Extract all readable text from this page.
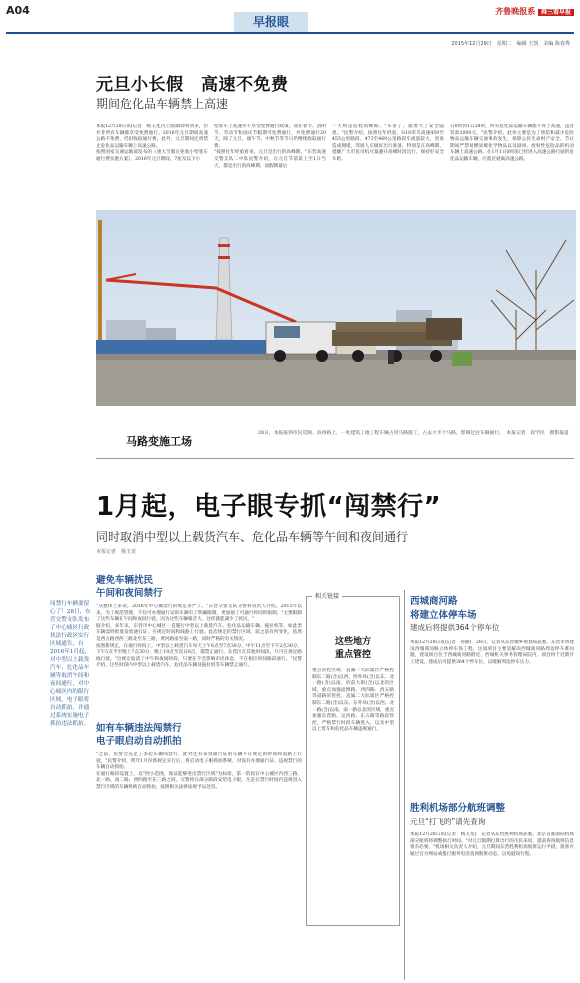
A04
早报眼
齐鲁晚报系 舜三看早报
2015年12月29日　星期二　编辑 王凯　美编 陈春秀
元旦小长假　高速不免费
期间危化品车辆禁上高速
本报12月28日讯(记者　杨玉龙)元旦假期即将到来，但并非所有车辆都享受免费通行。2016年元旦期间高速公路不免费，仍旧收取通行费。此外，元旦期间还将禁止危化品运输车辆上高速公路。
按照国家交通运输部发布的《重大节假日免收小型客车通行费实施方案》，2016年元旦期间，7座及以下小
型客车上高速并不享受免费通行政策。而在春节、清明节、劳动节和国庆节假期可免费通行，共免费通行20天。除了元旦、端午节、中秋节等节日仍继续收取通行费。
"按照往年经验看来，元旦是出行的高峰期。"东营高速交警支队二中队民警介绍，在元旦节前第上至1日当天，都是出行的高峰期，而假期最后
一天则是返程高峰期。"车多了，就增大了安全隐患。"民警介绍，按照往年经验，G18荣乌高速459至455公里路段、473至469公里路段车流量较大，容易造成拥堵，驾驶人应做好出行准备，特别是在高峰期，提醒广大市民司机尽量避开高峰时段出行，保持好安全车距。
日0时到1日24时，所有危化品运输车辆都不得上高速，违者罚款2000元。"民警介绍，此举主要是为了预防和减少危险物品运输车辆交通事故发生，保障公民生命财产安全，节日期间严禁易燃易爆化学物品以及剧毒、放射性危险品的机动车辆上高速公路。在1月1日0时前已经进入高速公路行驶的危化品运输车辆，应就近驶离高速公路。
马路变施工场
28日，本报报到市民反映，滨州路上，一处建筑工地工程车辆占用马路施工，占去大半个马路，影响过往车辆通行。　本报记者　段学民　摄影报道
1月起，电子眼专抓“闯禁行”
同时取消中型以上载货汽车、危化品车辆等午间和夜间通行
本报记者　杨玉龙
闯禁行车辆要留心了！28日，东营交警支队发布了中心城区行政执法行政区实行区域通告。自2016年1月起，对中型以上载货汽车、危化品车辆等取消午间和夜间通行，对中心城区内的限行区域，电子眼将自动抓拍，并通过系统实施电子抓拍违法抓拍。
避免车辆扰民
午间和夜间禁行
"从整体上来说，2016年中心城禁行的规定多严了。"东营交警支队交警科负责人介绍，2015年以来，为了规范管理，不仅可办理通行证的车辆有了明确限制，更加强了可通行时间的限制。"主要限制了这些车辆在午间和夜间行驶，因为这些车辆噪音大，这样就能减少了扰民。"
据介绍，多年来，东营市中心城区一直施行中型以上载货汽车、危化品运输车辆、拖拉机等，如此类车辆需经批准发放通行证，在规定时间和线路上行驶。此次规定的禁行区域，较之前有所变化，依然是西五路西西三路北至东三路，黄河路南至南一路，同时严格的有关情况。
按照新规定，在通行时间上，中型以上载货汽车每天上午6点至7点30分、中午11点至下午2点30分、下午5点半至晚上7点30分、晚上10点至次日6点，都禁止通行。东营区在其他时间段，只可在规定路线行驶。"这规定取消了中午和夜间时段，只要在不会影响市民休息，不在相应时间路段通行。"民警介绍，这些时段内中型以上载货汽车、危化品车辆及拖拉机等车辆禁止通行。
如有车辆违法闯禁行
电子眼启动自动抓拍
"之前，民警会充足了多起车辆闯禁行，此外还有拿到通行证的车辆不在规定的时间和道路上行驶。"民警介绍，明年1月份新规定实行后，将启动电子眼抓拍系统，对没有办理通行证、违规禁行的车辆自动抓拍。
在通行路段设置上，以"西小范围，保证能够进出禁行区域"为标准，第一阶段在中心城区内西三路、北一路、南二路、西四路至东三路之间，交警将在部分路段安装电子眼，凡是在禁行时间内违规进入禁行区域的车辆将被自动抓拍，按照相关法律法规予以处罚。
相关链接
这些地方
重点管控
重点管控区域：直属一大队辖区严格控制东二路(含)以西、西外环(含)以东、北一路(含)以南、府前大街(含)以北的区域，重点加强淄博路、西四路、西五路等道路的管控。直属二大队辖区严格控制东二路(含)以东、东外环(含)以西、北一路(含)以南、南一路以北的区域，重点加强东营路、运河路、东五路等路段管控，严格禁行时段车辆进入，以及中型以上货车和危化品车辆违规通行。
西城商河路
将建立体停车场
建成后将提供364个停车位
本报12月28日讯(记者　孙丽)　28日，记者从东营城乡规划局获悉，东营市将建设西城商河路立体停车场工程，这项项目主要是解决西城商河路周边停车难问题，建设项目位于西城商河路附近，西城机关事务管理局院内，项目将于近期开工建设，建成后可提供364个停车位，以缓解周边停车压力。
胜利机场部分航班调整
元旦“打飞的”请先查询
本报12月28日讯(记者　杨玉龙)　记者从东营胜利机场获悉，北京首都国际机场部分航班将调整执行时间。"对元旦假期打算出行的市民来说，提前查询航班信息很有必要。"机场相关负责人介绍，元旦期间东营胜利机场航班运行平稳，旅客可通过官方网站或拨打服务电话查询航班动态，以免耽误行程。
